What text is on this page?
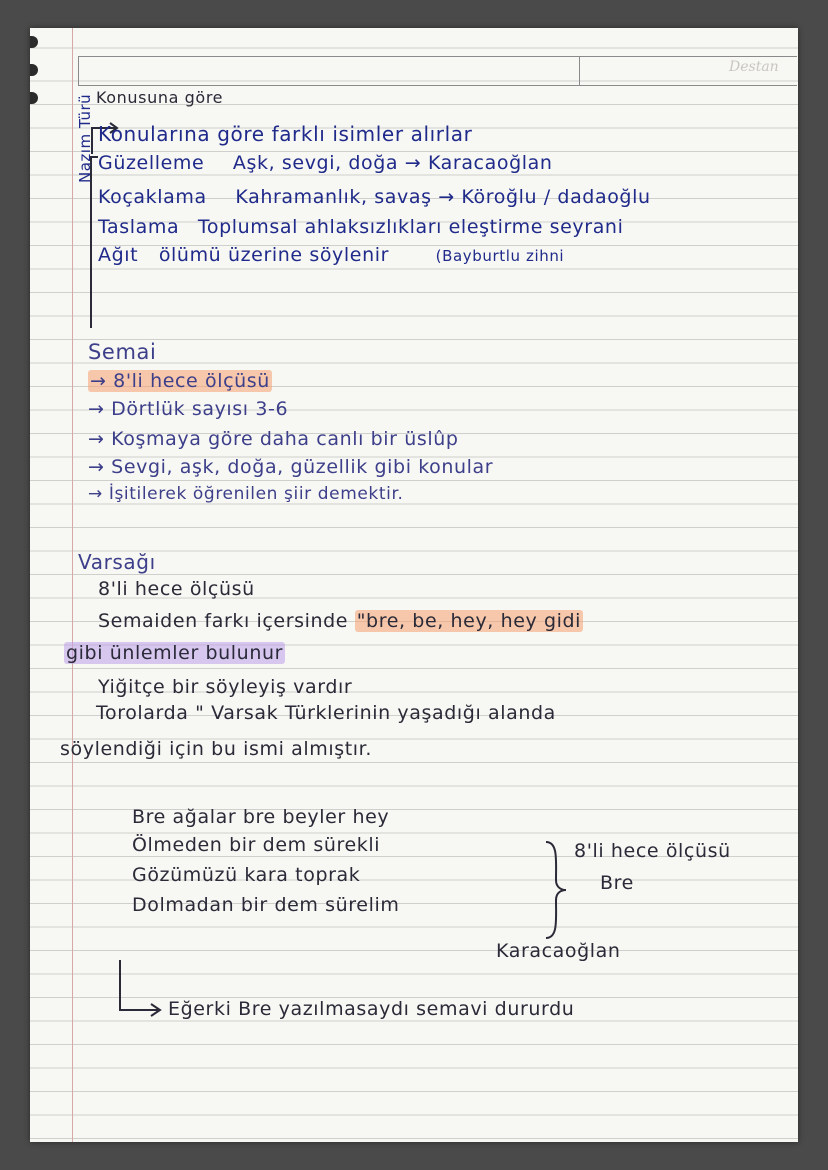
Destan
Konusuna göre
Nazım Türü Konularına göre farklı isimler alırlar
Güzelleme Aşk, sevgi, doğa → Karacaoğlan
Koçaklama Kahramanlık, savaş → Köroğlu / dadaoğlu
Taslama Toplumsal ahlaksızlıkları eleştirme seyrani
Ağıt ölümü üzerine söylenir	(Bayburtlu zihni
Semai
→ 8'li hece ölçüsü
→ Dörtlük sayısı 3-6
→ Koşmaya göre daha canlı bir üslûp
→ Sevgi, aşk, doğa, güzellik gibi konular
→ İşitilerek öğrenilen şiir demektir.
Varsağı
8'li hece ölçüsü
Semaiden farkı içersinde "bre, be, hey, hey gidi
gibi ünlemler bulunur
Yiğitçe bir söyleyiş vardır
Torolarda " Varsak Türklerinin yaşadığı alanda
söylendiği için bu ismi almıştır.
Bre ağalar bre beyler hey
Ölmeden bir dem sürekli
Gözümüzü kara toprak
Dolmadan bir dem sürelim
8'li hece ölçüsü
Bre
Karacaoğlan
Eğerki Bre yazılmasaydı semavi dururdu
